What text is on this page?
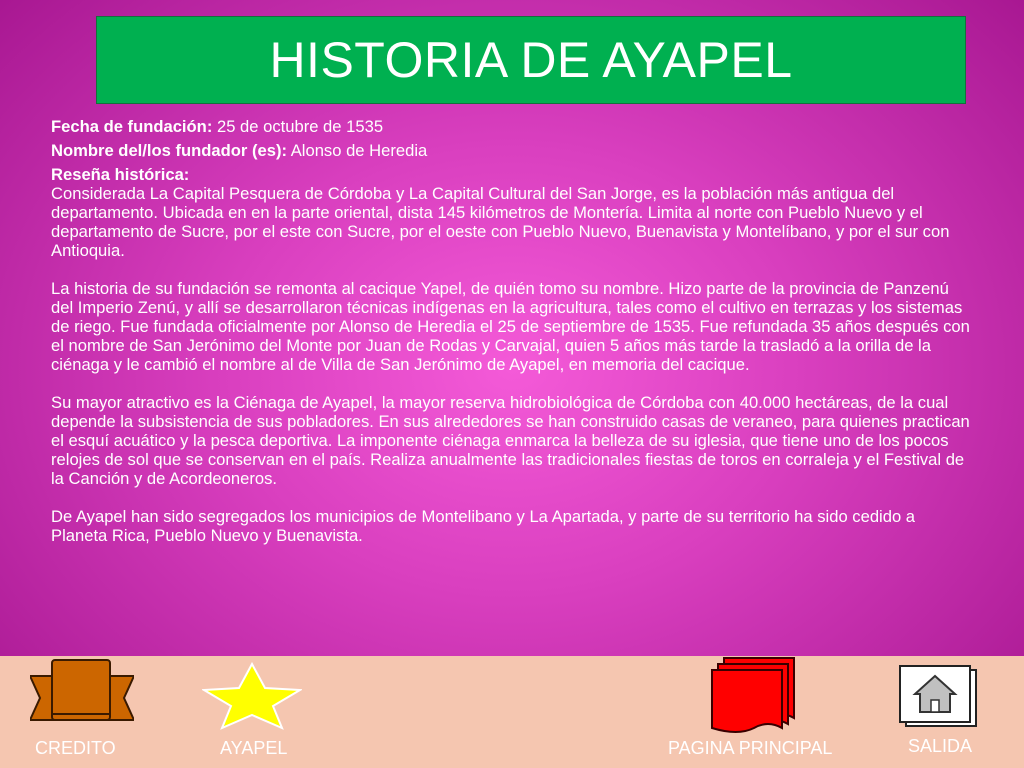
HISTORIA DE AYAPEL

Fecha de fundación: 25 de octubre de 1535

Nombre del/los fundador (es): Alonso de Heredia

Reseña histórica:

Considerada La Capital Pesquera de Córdoba y La Capital Cultural del San Jorge, es la población más antigua del departamento. Ubicada en en la parte oriental, dista 145 kilómetros de Montería. Limita al norte con Pueblo Nuevo y el departamento de Sucre, por el este con Sucre, por el oeste con Pueblo Nuevo, Buenavista y Montelíbano, y por el sur con Antioquia.

La historia de su fundación se remonta al cacique Yapel, de quién tomo su nombre. Hizo parte de la provincia de Panzenú del Imperio Zenú, y allí se desarrollaron técnicas indígenas en la agricultura, tales como el cultivo en terrazas y los sistemas de riego. Fue fundada oficialmente por Alonso de Heredia el 25 de septiembre de 1535. Fue refundada 35 años después con el nombre de San Jerónimo del Monte por Juan de Rodas y Carvajal, quien 5 años más tarde la trasladó a la orilla de la ciénaga y le cambió el nombre al de Villa de San Jerónimo de Ayapel, en memoria del cacique.

Su mayor atractivo es la Ciénaga de Ayapel, la mayor reserva hidrobiológica de Córdoba con 40.000 hectáreas, de la cual depende la subsistencia de sus pobladores. En sus alrededores se han construido casas de veraneo, para quienes practican el esquí acuático y la pesca deportiva. La imponente ciénaga enmarca la belleza de su iglesia, que tiene uno de los pocos relojes de sol que se conservan en el país. Realiza anualmente las tradicionales fiestas de toros en corraleja y el Festival de la Canción y de Acordeoneros.

De Ayapel han sido segregados los municipios de Montelibano y La Apartada, y parte de su territorio ha sido cedido a Planeta Rica, Pueblo Nuevo y Buenavista.

CREDITO	AYAPEL	PAGINA PRINCIPAL	SALIDA
